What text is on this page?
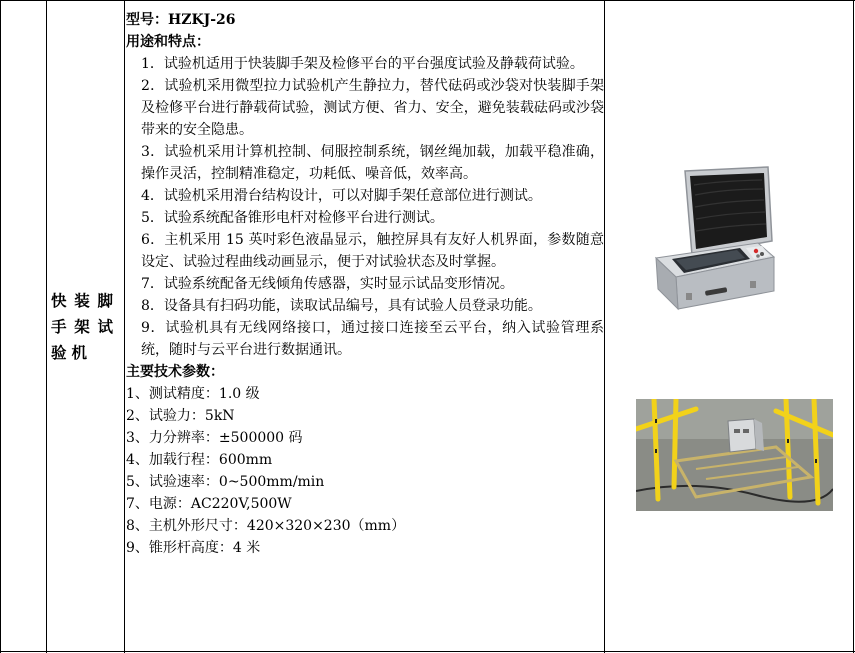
快装脚手架试验机
型号：HZKJ-26
用途和特点：
1．试验机适用于快装脚手架及检修平台的平台强度试验及静载荷试验。
2．试验机采用微型拉力试验机产生静拉力，替代砝码或沙袋对快装脚手架及检修平台进行静载荷试验，测试方便、省力、安全，避免装载砝码或沙袋带来的安全隐患。
3．试验机采用计算机控制、伺服控制系统，钢丝绳加载，加载平稳准确，操作灵活，控制精准稳定，功耗低、噪音低，效率高。
4．试验机采用滑台结构设计，可以对脚手架任意部位进行测试。
5．试验系统配备锥形电杆对检修平台进行测试。
6．主机采用 15 英吋彩色液晶显示，触控屏具有友好人机界面，参数随意设定、试验过程曲线动画显示，便于对试验状态及时掌握。
7．试验系统配备无线倾角传感器，实时显示试品变形情况。
8．设备具有扫码功能，读取试品编号，具有试验人员登录功能。
9．试验机具有无线网络接口，通过接口连接至云平台，纳入试验管理系统，随时与云平台进行数据通讯。
主要技术参数：
1、测试精度：1.0 级
2、试验力：5kN
3、力分辨率：±500000 码
4、加载行程：600mm
5、试验速率：0~500mm/min
7、电源：AC220V,500W
8、主机外形尺寸：420×320×230（mm）
9、锥形杆高度：4 米
